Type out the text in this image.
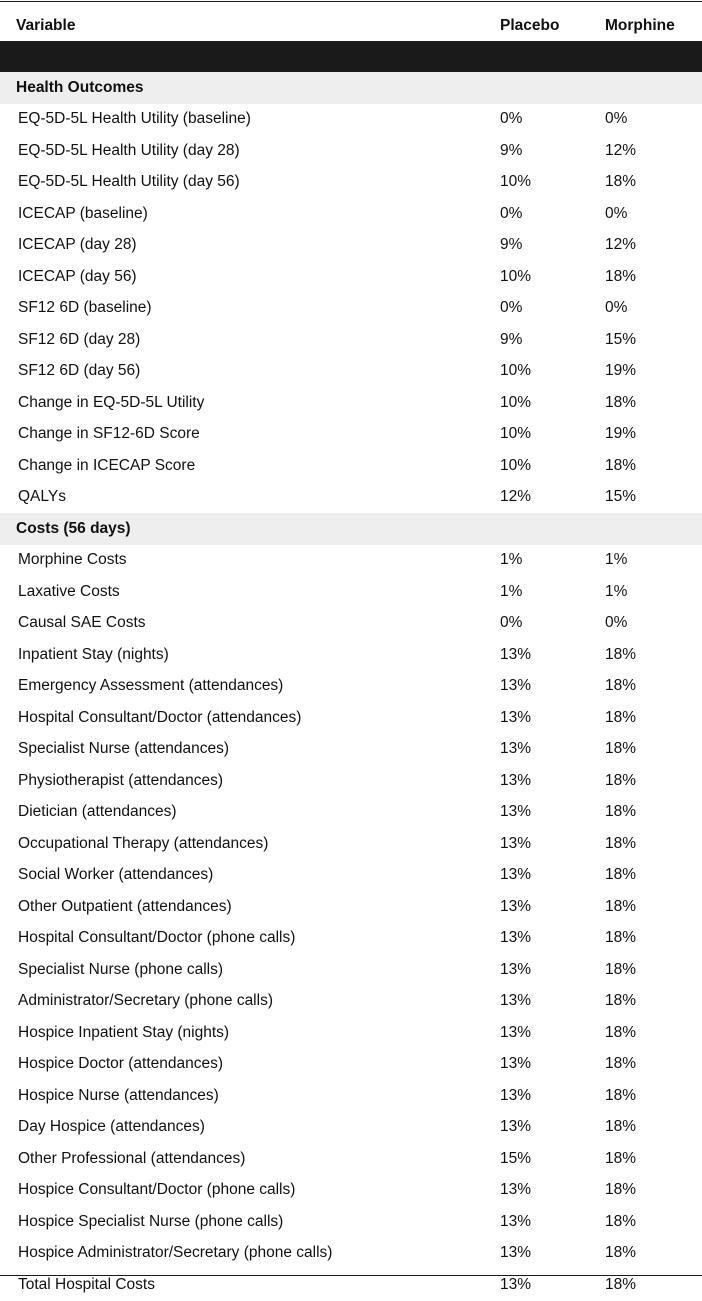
Variable	Placebo	Morphine

Health Outcomes		
EQ-5D-5L Health Utility (baseline)	0%	0%
EQ-5D-5L Health Utility (day 28)	9%	12%
EQ-5D-5L Health Utility (day 56)	10%	18%
ICECAP (baseline)	0%	0%
ICECAP (day 28)	9%	12%
ICECAP (day 56)	10%	18%
SF12 6D (baseline)	0%	0%
SF12 6D (day 28)	9%	15%
SF12 6D (day 56)	10%	19%
Change in EQ-5D-5L Utility	10%	18%
Change in SF12-6D Score	10%	19%
Change in ICECAP Score	10%	18%
QALYs	12%	15%
Costs (56 days)		
Morphine Costs	1%	1%
Laxative Costs	1%	1%
Causal SAE Costs	0%	0%
Inpatient Stay (nights)	13%	18%
Emergency Assessment (attendances)	13%	18%
Hospital Consultant/Doctor (attendances)	13%	18%
Specialist Nurse (attendances)	13%	18%
Physiotherapist (attendances)	13%	18%
Dietician (attendances)	13%	18%
Occupational Therapy (attendances)	13%	18%
Social Worker (attendances)	13%	18%
Other Outpatient (attendances)	13%	18%
Hospital Consultant/Doctor (phone calls)	13%	18%
Specialist Nurse (phone calls)	13%	18%
Administrator/Secretary (phone calls)	13%	18%
Hospice Inpatient Stay (nights)	13%	18%
Hospice Doctor (attendances)	13%	18%
Hospice Nurse (attendances)	13%	18%
Day Hospice (attendances)	13%	18%
Other Professional (attendances)	15%	18%
Hospice Consultant/Doctor (phone calls)	13%	18%
Hospice Specialist Nurse (phone calls)	13%	18%
Hospice Administrator/Secretary (phone calls)	13%	18%
Total Hospital Costs	13%	18%
